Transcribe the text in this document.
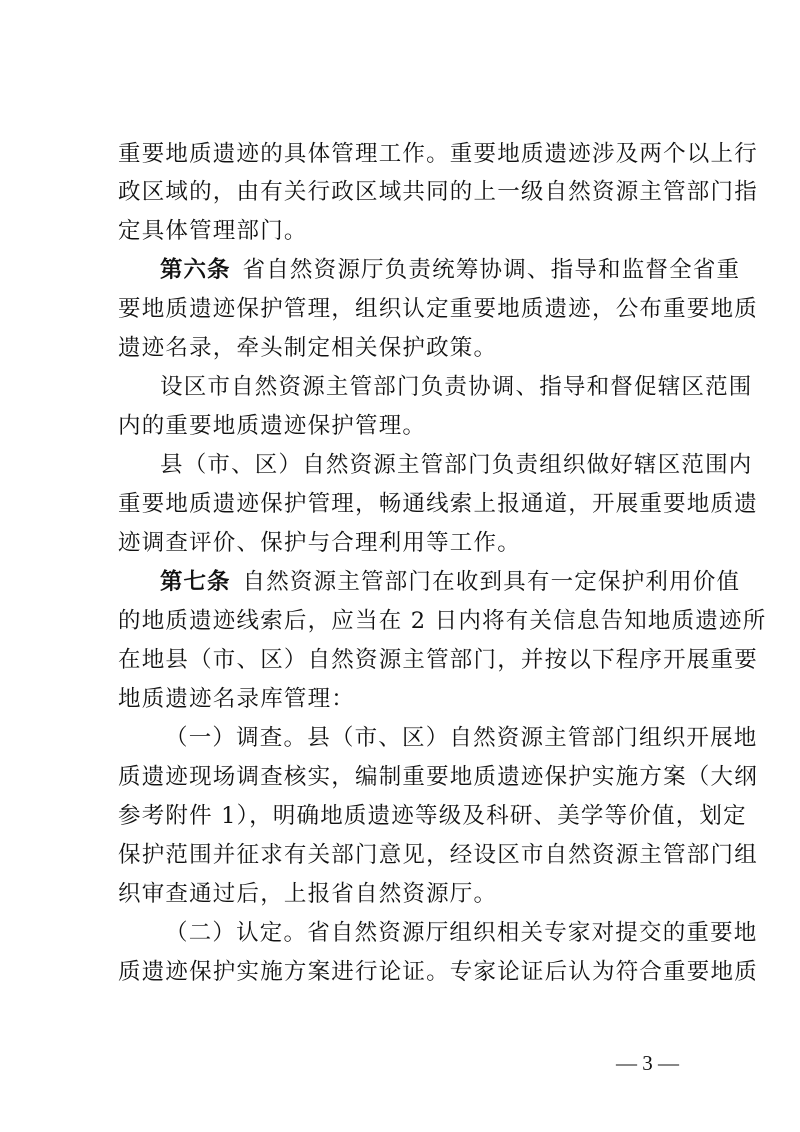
重要地质遗迹的具体管理工作。重要地质遗迹涉及两个以上行
政区域的，由有关行政区域共同的上一级自然资源主管部门指
定具体管理部门。
第六条 省自然资源厅负责统筹协调、指导和监督全省重
要地质遗迹保护管理，组织认定重要地质遗迹，公布重要地质
遗迹名录，牵头制定相关保护政策。
设区市自然资源主管部门负责协调、指导和督促辖区范围
内的重要地质遗迹保护管理。
县（市、区）自然资源主管部门负责组织做好辖区范围内
重要地质遗迹保护管理，畅通线索上报通道，开展重要地质遗
迹调查评价、保护与合理利用等工作。
第七条 自然资源主管部门在收到具有一定保护利用价值
的地质遗迹线索后，应当在 2 日内将有关信息告知地质遗迹所
在地县（市、区）自然资源主管部门，并按以下程序开展重要
地质遗迹名录库管理：
（一）调查。县（市、区）自然资源主管部门组织开展地
质遗迹现场调查核实，编制重要地质遗迹保护实施方案（大纲
参考附件 1），明确地质遗迹等级及科研、美学等价值，划定
保护范围并征求有关部门意见，经设区市自然资源主管部门组
织审查通过后，上报省自然资源厅。
（二）认定。省自然资源厅组织相关专家对提交的重要地
质遗迹保护实施方案进行论证。专家论证后认为符合重要地质
— 3 —
